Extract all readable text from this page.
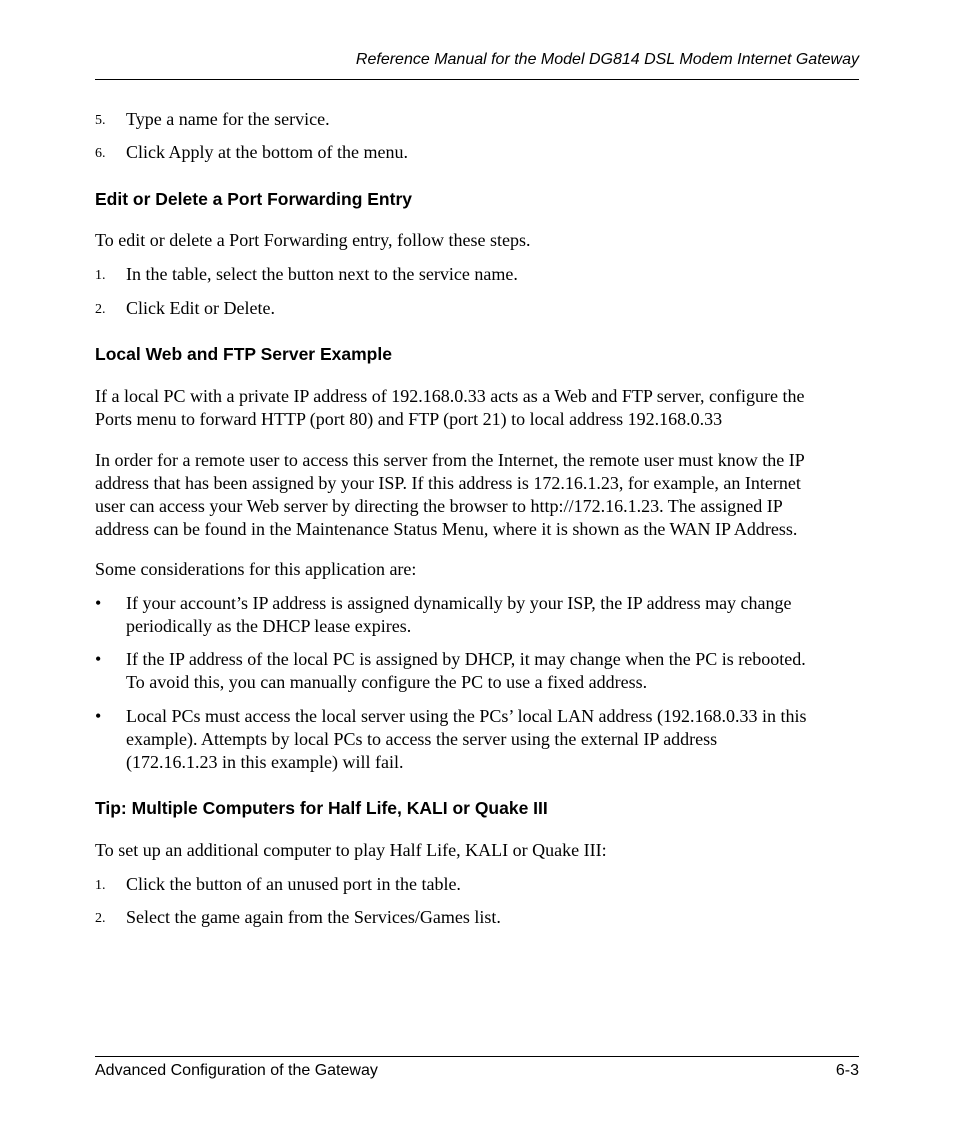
Reference Manual for the Model DG814 DSL Modem Internet Gateway
5. Type a name for the service.
6. Click Apply at the bottom of the menu.
Edit or Delete a Port Forwarding Entry
To edit or delete a Port Forwarding entry, follow these steps.
1. In the table, select the button next to the service name.
2. Click Edit or Delete.
Local Web and FTP Server Example
If a local PC with a private IP address of 192.168.0.33 acts as a Web and FTP server, configure the
Ports menu to forward HTTP (port 80) and FTP (port 21) to local address 192.168.0.33
In order for a remote user to access this server from the Internet, the remote user must know the IP
address that has been assigned by your ISP. If this address is 172.16.1.23, for example, an Internet
user can access your Web server by directing the browser to http://172.16.1.23. The assigned IP
address can be found in the Maintenance Status Menu, where it is shown as the WAN IP Address.
Some considerations for this application are:
• If your account’s IP address is assigned dynamically by your ISP, the IP address may change
periodically as the DHCP lease expires.
• If the IP address of the local PC is assigned by DHCP, it may change when the PC is rebooted.
To avoid this, you can manually configure the PC to use a fixed address.
• Local PCs must access the local server using the PCs’ local LAN address (192.168.0.33 in this
example). Attempts by local PCs to access the server using the external IP address
(172.16.1.23 in this example) will fail.
Tip: Multiple Computers for Half Life, KALI or Quake III
To set up an additional computer to play Half Life, KALI or Quake III:
1. Click the button of an unused port in the table.
2. Select the game again from the Services/Games list.
Advanced Configuration of the Gateway	6-3
